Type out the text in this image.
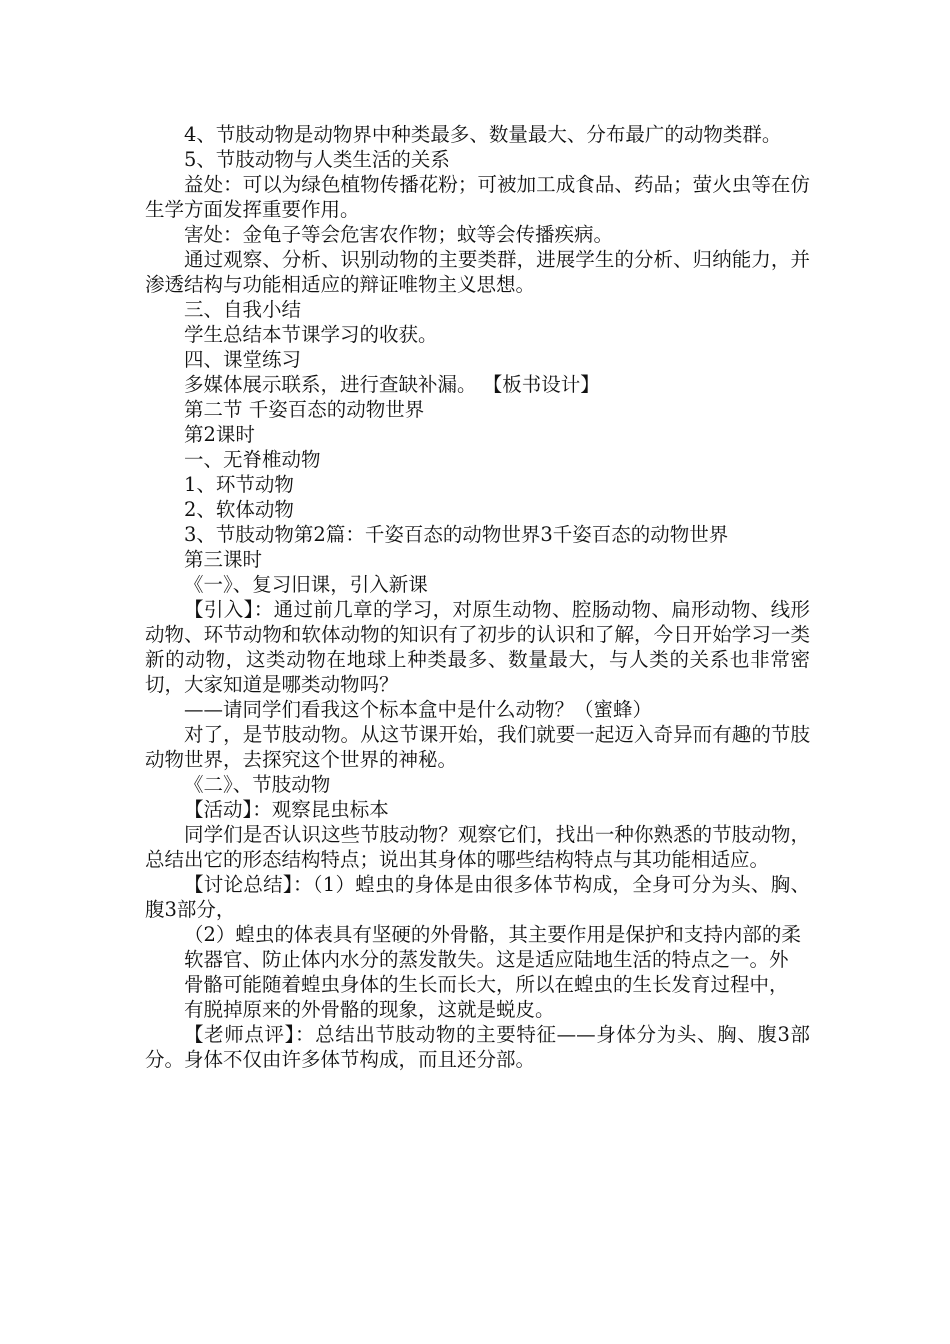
4、节肢动物是动物界中种类最多、数量最大、分布最广的动物类群。

5、节肢动物与人类生活的关系

益处：可以为绿色植物传播花粉；可被加工成食品、药品；萤火虫等在仿生学方面发挥重要作用。

害处：金龟子等会危害农作物；蚊等会传播疾病。

通过观察、分析、识别动物的主要类群，进展学生的分析、归纳能力，并渗透结构与功能相适应的辩证唯物主义思想。

三、自我小结

学生总结本节课学习的收获。

四、课堂练习

多媒体展示联系，进行查缺补漏。 【板书设计】

第二节 千姿百态的动物世界

第2课时

一、无脊椎动物

1、环节动物

2、软体动物

3、节肢动物第2篇：千姿百态的动物世界3千姿百态的动物世界

第三课时

《一》、复习旧课，引入新课

【引入】：通过前几章的学习，对原生动物、腔肠动物、扁形动物、线形动物、环节动物和软体动物的知识有了初步的认识和了解，今日开始学习一类新的动物，这类动物在地球上种类最多、数量最大，与人类的关系也非常密切，大家知道是哪类动物吗？

——请同学们看我这个标本盒中是什么动物？（蜜蜂）

对了，是节肢动物。从这节课开始，我们就要一起迈入奇异而有趣的节肢动物世界，去探究这个世界的神秘。

《二》、节肢动物

【活动】：观察昆虫标本

同学们是否认识这些节肢动物？观察它们，找出一种你熟悉的节肢动物，总结出它的形态结构特点；说出其身体的哪些结构特点与其功能相适应。

【讨论总结】：（1）蝗虫的身体是由很多体节构成，全身可分为头、胸、腹3部分，

（2）蝗虫的体表具有坚硬的外骨骼，其主要作用是保护和支持内部的柔

软器官、防止体内水分的蒸发散失。这是适应陆地生活的特点之一。外

骨骼可能随着蝗虫身体的生长而长大，所以在蝗虫的生长发育过程中，

有脱掉原来的外骨骼的现象，这就是蜕皮。

【老师点评】：总结出节肢动物的主要特征——身体分为头、胸、腹3部分。身体不仅由许多体节构成，而且还分部。
